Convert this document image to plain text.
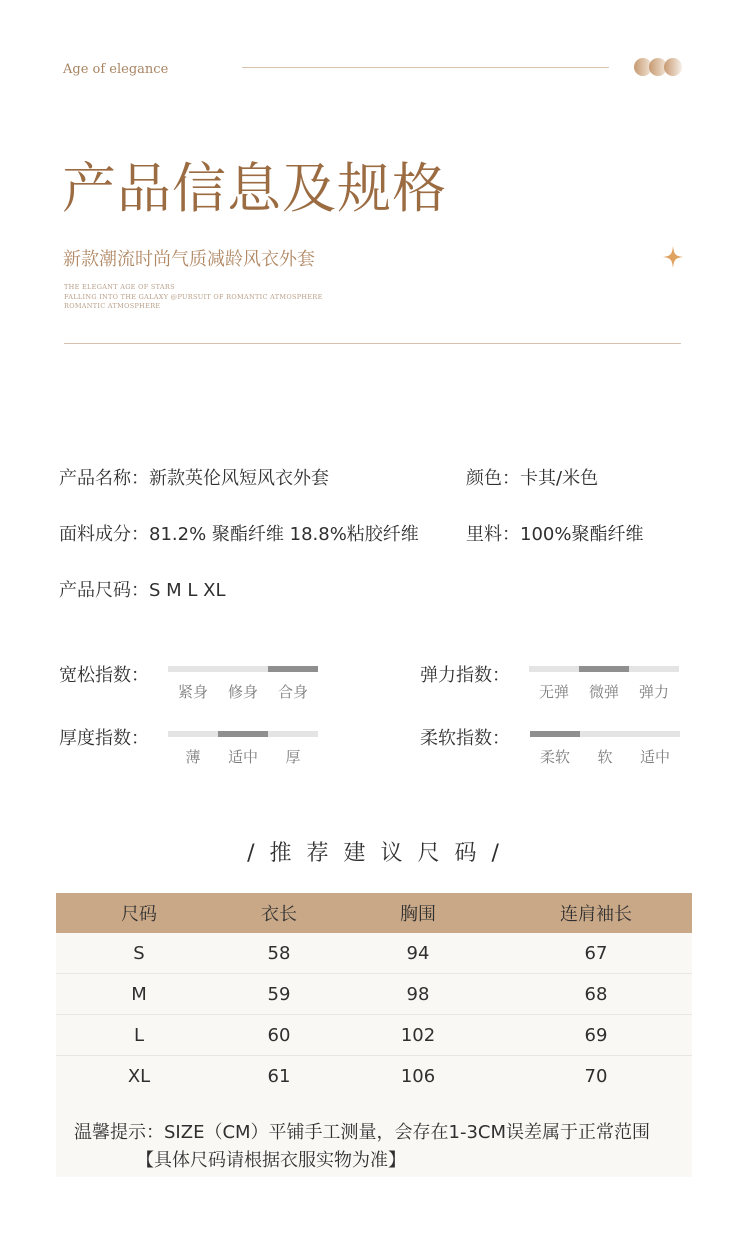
Age of elegance
产品信息及规格
新款潮流时尚气质减龄风衣外套
THE ELEGANT AGE OF STARS
FALLING INTO THE GALAXY @PURSUIT OF ROMANTIC ATMOSPHERE
ROMANTIC ATMOSPHERE
产品名称：新款英伦风短风衣外套	颜色：卡其/米色
面料成分：81.2% 聚酯纤维 18.8%粘胶纤维	里料：100%聚酯纤维
产品尺码：S M L XL
宽松指数：
紧身	修身	合身
弹力指数：
无弹	微弹	弹力
厚度指数：
薄	适中	厚
柔软指数：
柔软	软	适中
/ 推 荐 建 议 尺 码 /
尺码	衣长	胸围	连肩袖长
S	58	94	67
M	59	98	68
L	60	102	69
XL	61	106	70
温馨提示：SIZE（CM）平铺手工测量，会存在1-3CM误差属于正常范围
【具体尺码请根据衣服实物为准】
